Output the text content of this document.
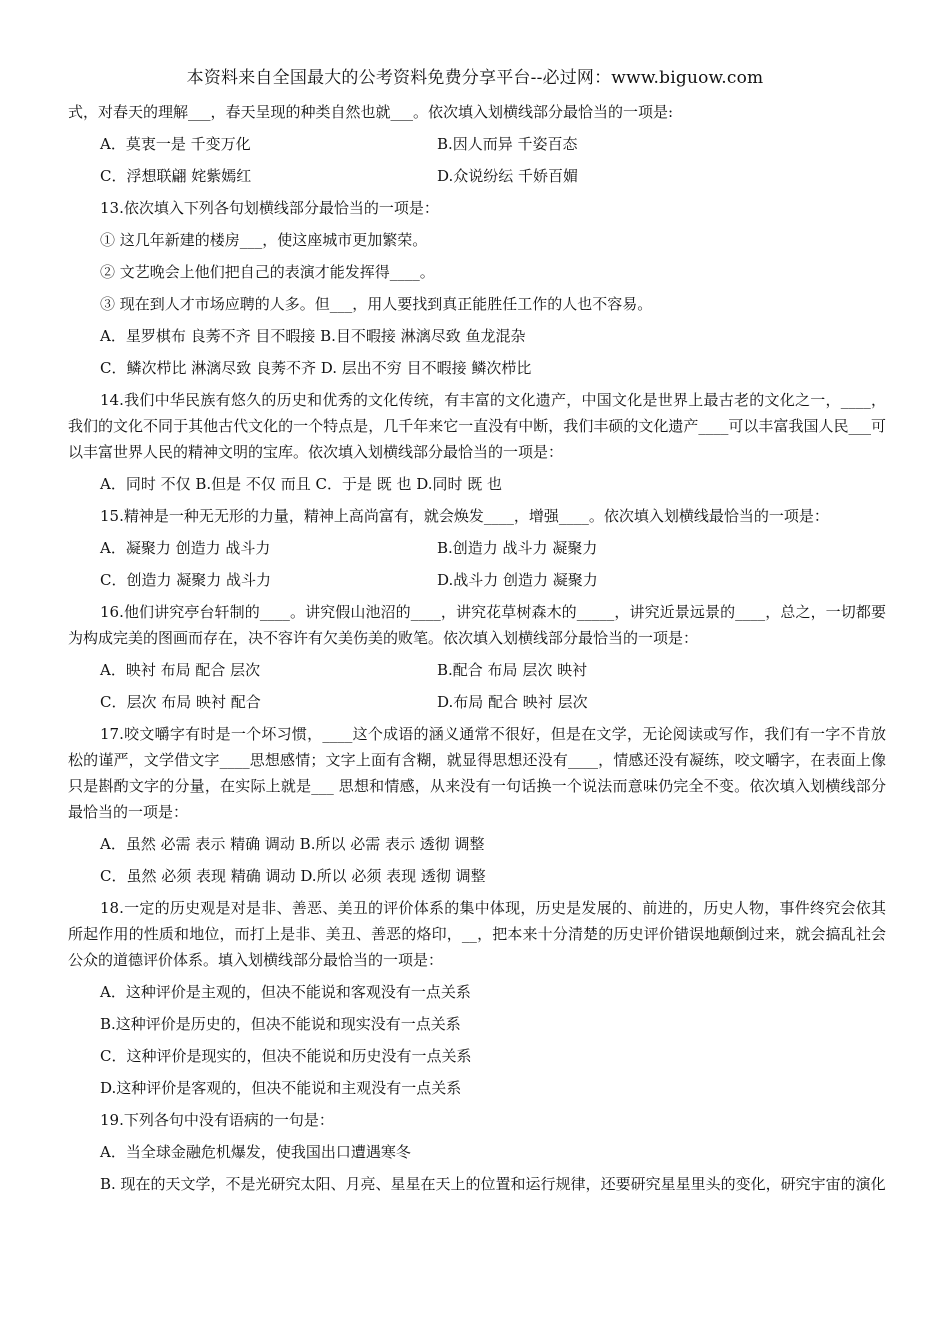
本资料来自全国最大的公考资料免费分享平台--必过网：www.biguow.com
式，对春天的理解___，春天呈现的种类自然也就___。依次填入划横线部分最恰当的一项是:
A．莫衷一是 千变万化	B.因人而异 千姿百态
C．浮想联翩 姹紫嫣红	D.众说纷纭 千娇百媚
13.依次填入下列各句划横线部分最恰当的一项是：
① 这几年新建的楼房___，使这座城市更加繁荣。
② 文艺晚会上他们把自己的表演才能发挥得____。
③ 现在到人才市场应聘的人多。但___，用人要找到真正能胜任工作的人也不容易。
A．星罗棋布 良莠不齐 目不暇接 B.目不暇接 淋漓尽致 鱼龙混杂
C．鳞次栉比 淋漓尽致 良莠不齐 D. 层出不穷 目不暇接 鳞次栉比
14.我们中华民族有悠久的历史和优秀的文化传统，有丰富的文化遗产，中国文化是世界上最古老的文化之一，____，我们的文化不同于其他古代文化的一个特点是，几千年来它一直没有中断，我们丰硕的文化遗产____可以丰富我国人民___可以丰富世界人民的精神文明的宝库。依次填入划横线部分最恰当的一项是：
A．同时 不仅 B.但是 不仅 而且 C．于是 既 也 D.同时 既 也
15.精神是一种无无形的力量，精神上高尚富有，就会焕发____，增强____。依次填入划横线最恰当的一项是：
A．凝聚力 创造力 战斗力	B.创造力 战斗力 凝聚力
C．创造力 凝聚力 战斗力	D.战斗力 创造力 凝聚力
16.他们讲究亭台轩制的____。讲究假山池沼的____，讲究花草树森木的_____，讲究近景远景的____，总之，一切都要为构成完美的图画而存在，决不容许有欠美伤美的败笔。依次填入划横线部分最恰当的一项是：
A．映衬 布局 配合 层次	B.配合 布局 层次 映衬
C．层次 布局 映衬 配合	D.布局 配合 映衬 层次
17.咬文嚼字有时是一个坏习惯，____这个成语的涵义通常不很好，但是在文学，无论阅读或写作，我们有一字不肯放松的谨严，文学借文字____思想感情；文字上面有含糊，就显得思想还没有____，情感还没有凝练，咬文嚼字，在表面上像只是斟酌文字的分量，在实际上就是___ 思想和情感，从来没有一句话换一个说法而意味仍完全不变。依次填入划横线部分最恰当的一项是：
A．虽然 必需 表示 精确 调动 B.所以 必需 表示 透彻 调整
C．虽然 必须 表现 精确 调动 D.所以 必须 表现 透彻 调整
18.一定的历史观是对是非、善恶、美丑的评价体系的集中体现，历史是发展的、前进的，历史人物，事件终究会依其所起作用的性质和地位，而打上是非、美丑、善恶的烙印，__，把本来十分清楚的历史评价错误地颠倒过来，就会搞乱社会公众的道德评价体系。填入划横线部分最恰当的一项是：
A．这种评价是主观的，但决不能说和客观没有一点关系
B.这种评价是历史的，但决不能说和现实没有一点关系
C．这种评价是现实的，但决不能说和历史没有一点关系
D.这种评价是客观的，但决不能说和主观没有一点关系
19.下列各句中没有语病的一句是：
A．当全球金融危机爆发，使我国出口遭遇寒冬
B. 现在的天文学，不是光研究太阳、月亮、星星在天上的位置和运行规律，还要研究星星里头的变化，研究宇宙的演化
